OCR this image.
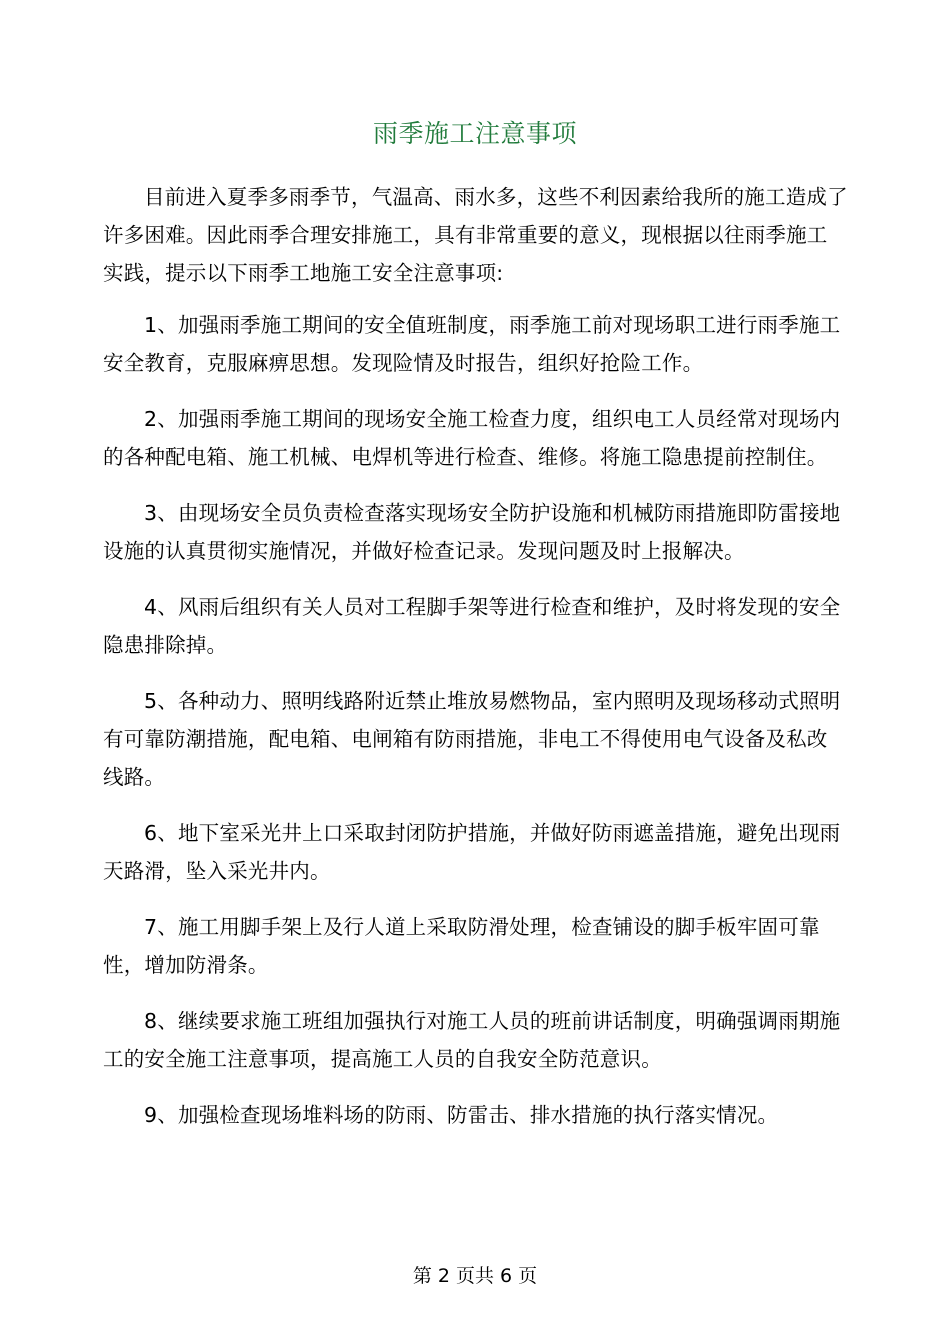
雨季施工注意事项

目前进入夏季多雨季节，气温高、雨水多，这些不利因素给我所的施工造成了许多困难。因此雨季合理安排施工，具有非常重要的意义，现根据以往雨季施工实践，提示以下雨季工地施工安全注意事项:

1、加强雨季施工期间的安全值班制度，雨季施工前对现场职工进行雨季施工安全教育，克服麻痹思想。发现险情及时报告，组织好抢险工作。

2、加强雨季施工期间的现场安全施工检查力度，组织电工人员经常对现场内的各种配电箱、施工机械、电焊机等进行检查、维修。将施工隐患提前控制住。

3、由现场安全员负责检查落实现场安全防护设施和机械防雨措施即防雷接地设施的认真贯彻实施情况，并做好检查记录。发现问题及时上报解决。

4、风雨后组织有关人员对工程脚手架等进行检查和维护，及时将发现的安全隐患排除掉。

5、各种动力、照明线路附近禁止堆放易燃物品，室内照明及现场移动式照明有可靠防潮措施，配电箱、电闸箱有防雨措施，非电工不得使用电气设备及私改线路。

6、地下室采光井上口采取封闭防护措施，并做好防雨遮盖措施，避免出现雨天路滑，坠入采光井内。

7、施工用脚手架上及行人道上采取防滑处理，检查铺设的脚手板牢固可靠性，增加防滑条。

8、继续要求施工班组加强执行对施工人员的班前讲话制度，明确强调雨期施工的安全施工注意事项，提高施工人员的自我安全防范意识。

9、加强检查现场堆料场的防雨、防雷击、排水措施的执行落实情况。

第 2 页共 6 页
